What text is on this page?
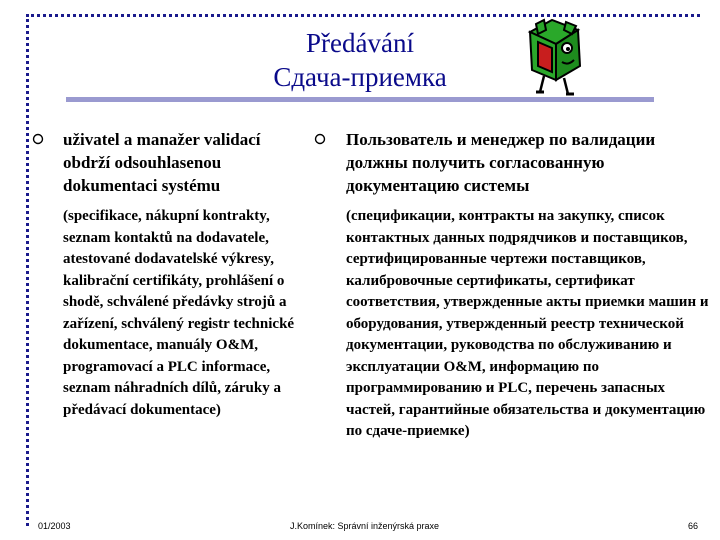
Předávání
Сдача-приемка
uživatel a manažer validací obdrží odsouhlasenou dokumentaci systému
(specifikace, nákupní kontrakty, seznam kontaktů na dodavatele, atestované dodavatelské výkresy, kalibrační certifikáty, prohlášení o shodě, schválené předávky strojů a zařízení, schválený registr technické dokumentace, manuály O&M, programovací a PLC informace, seznam náhradních dílů, záruky a předávací dokumentace)
Пользователь и менеджер по валидации должны получить согласованную документацию системы
(спецификации, контракты на закупку, список контактных данных подрядчиков и поставщиков, сертифицированные чертежи поставщиков, калибровочные сертификаты, сертификат соответствия, утвержденные акты приемки машин и оборудования, утвержденный реестр технической документации, руководства по обслуживанию и эксплуатации O&M, информацию по программированию и PLC, перечень запасных частей, гарантийные обязательства и документацию по сдаче-приемке)
01/2003	J.Komínek: Správní inženýrská praxe	66
